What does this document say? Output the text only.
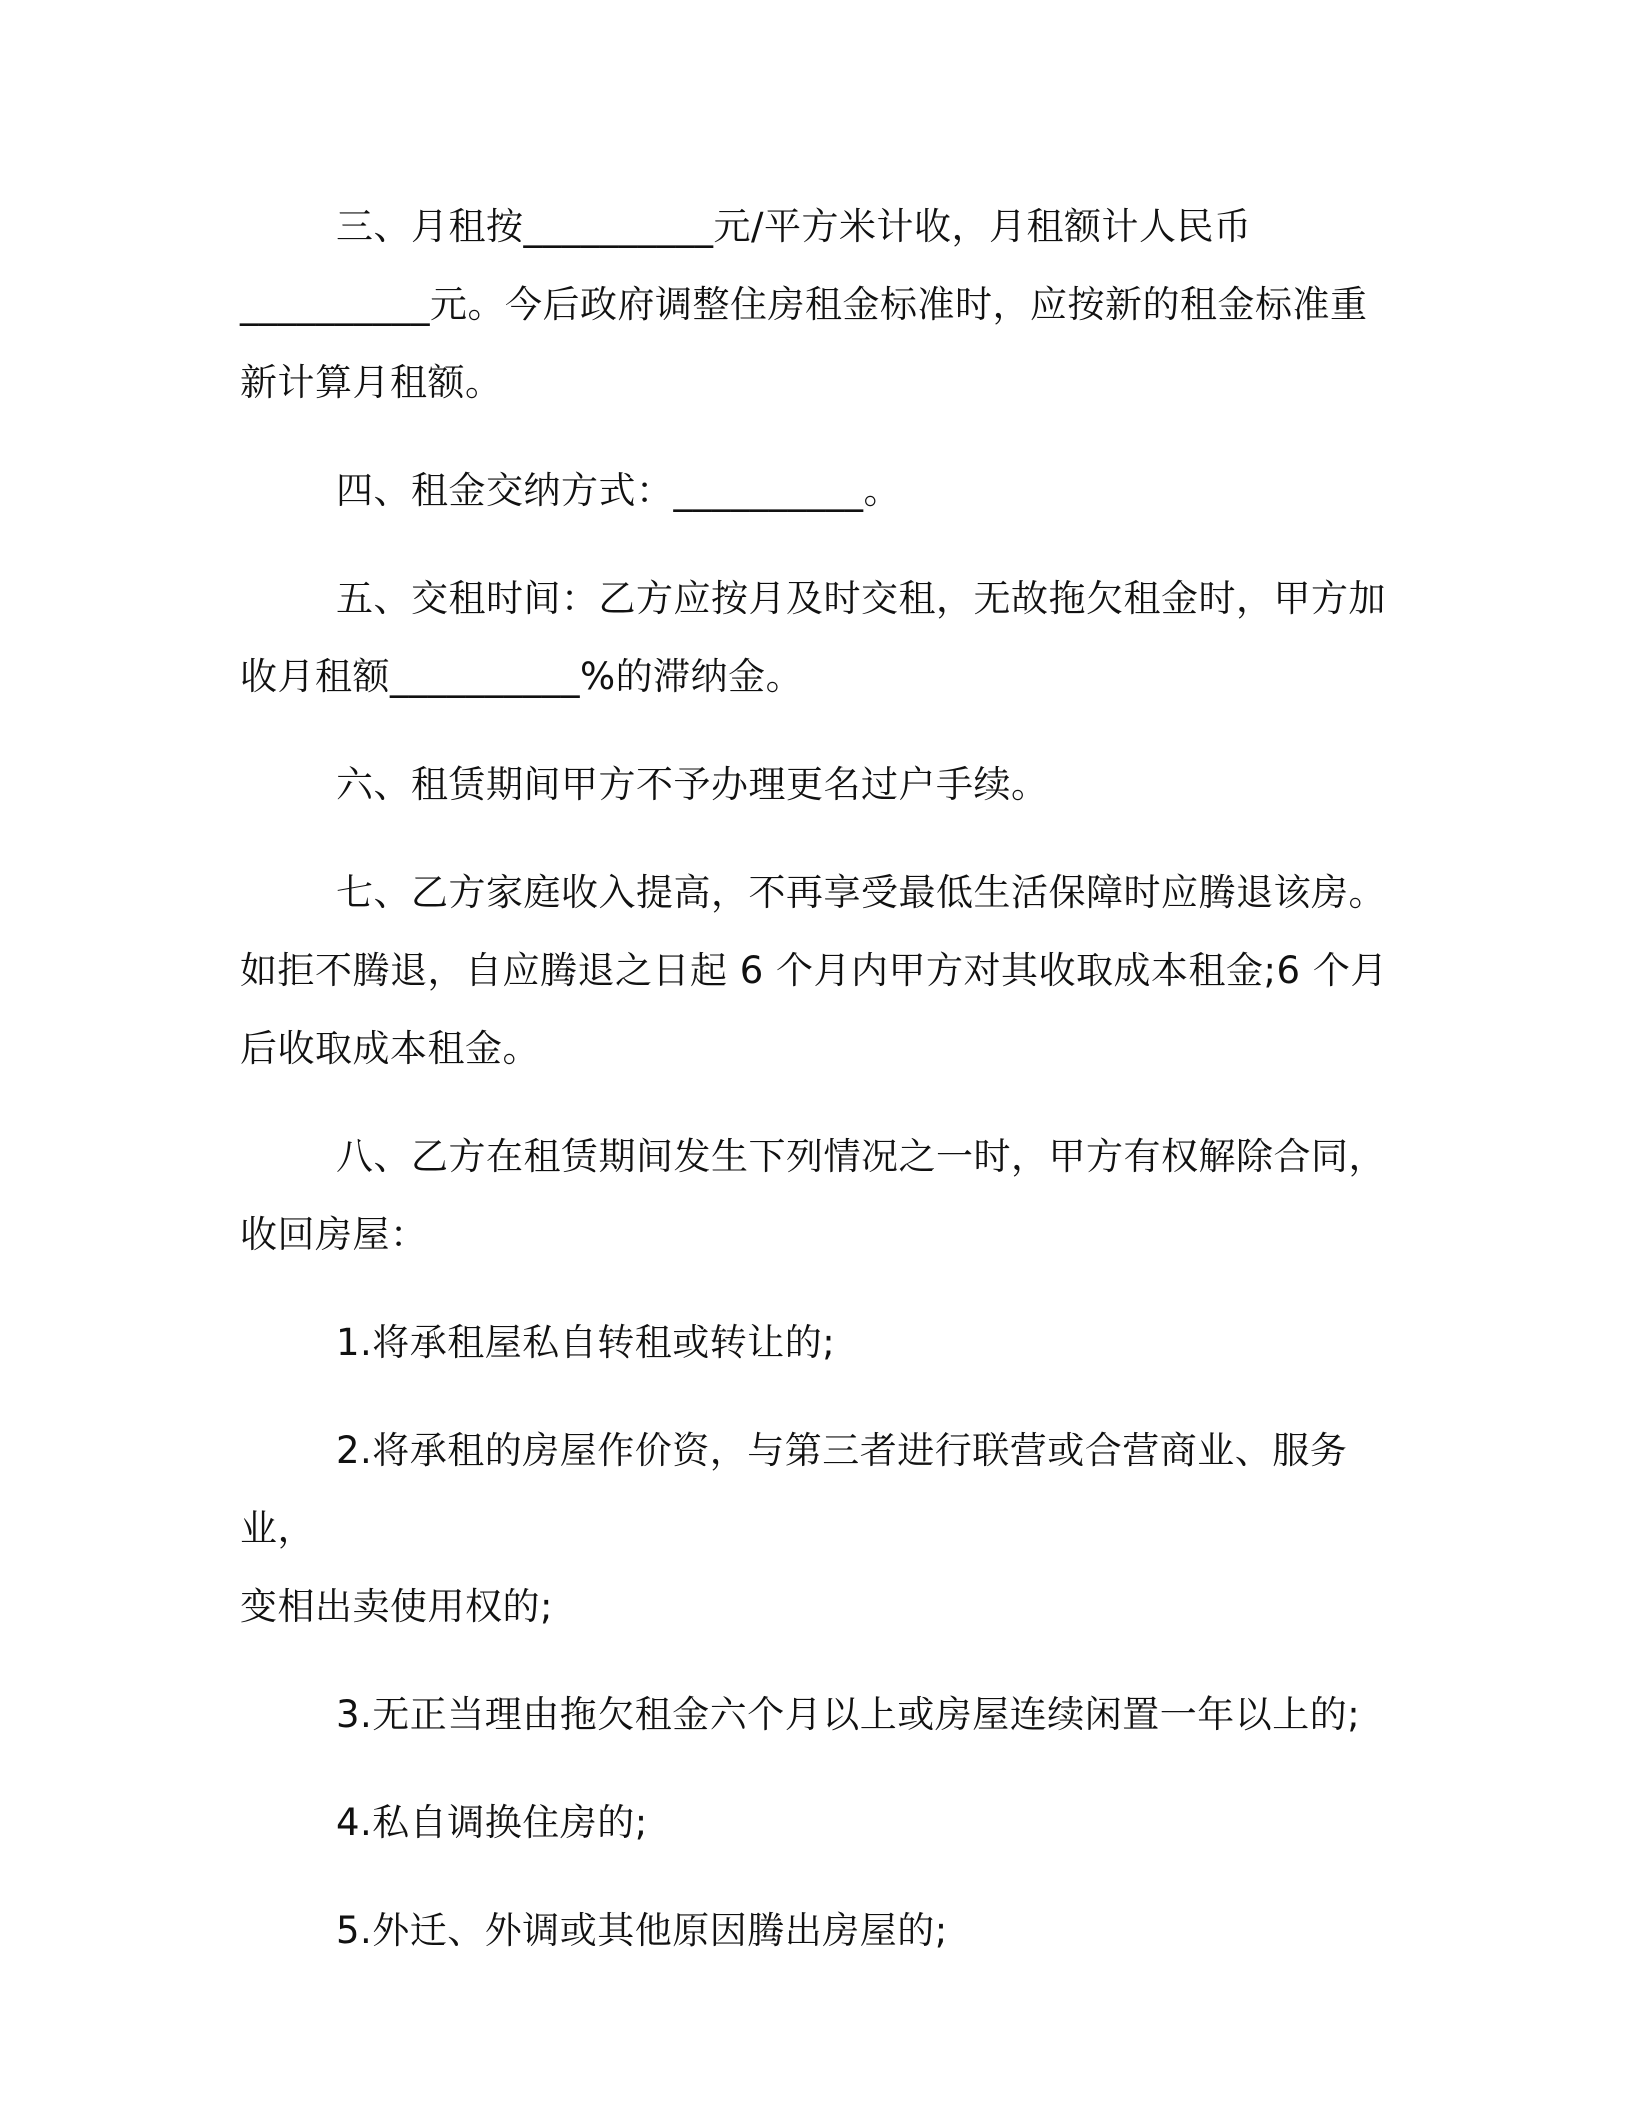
三、月租按__________元/平方米计收，月租额计人民币
__________元。今后政府调整住房租金标准时，应按新的租金标准重
新计算月租额。

四、租金交纳方式：__________。

五、交租时间：乙方应按月及时交租，无故拖欠租金时，甲方加
收月租额__________%的滞纳金。

六、租赁期间甲方不予办理更名过户手续。

七、乙方家庭收入提高，不再享受最低生活保障时应腾退该房。
如拒不腾退，自应腾退之日起 6 个月内甲方对其收取成本租金;6 个月
后收取成本租金。

八、乙方在租赁期间发生下列情况之一时，甲方有权解除合同，
收回房屋：

1.将承租屋私自转租或转让的;

2.将承租的房屋作价资，与第三者进行联营或合营商业、服务业，
变相出卖使用权的;

3.无正当理由拖欠租金六个月以上或房屋连续闲置一年以上的;

4.私自调换住房的;

5.外迁、外调或其他原因腾出房屋的;
